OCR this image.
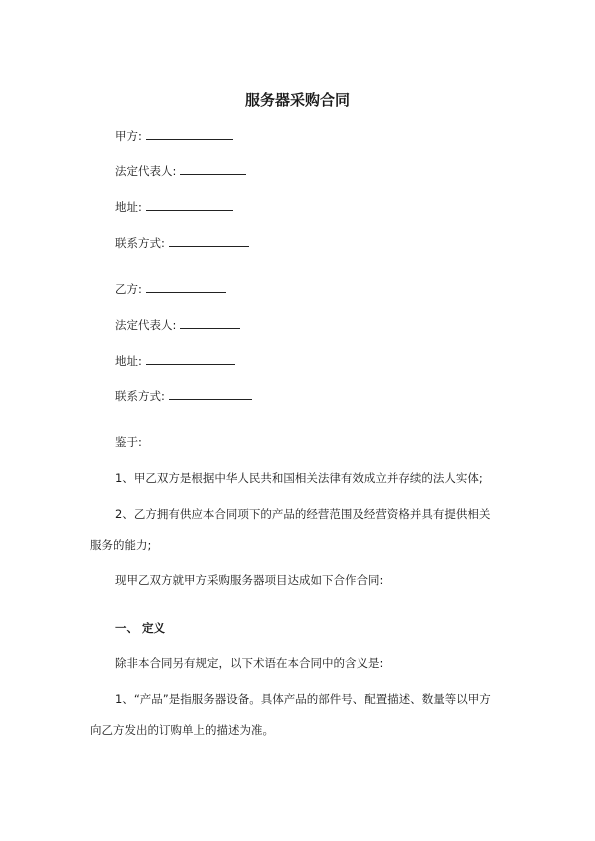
服务器采购合同
甲方:
法定代表人:
地址:
联系方式:
乙方:
法定代表人:
地址:
联系方式:
鉴于:
1、甲乙双方是根据中华人民共和国相关法律有效成立并存续的法人实体;
2、乙方拥有供应本合同项下的产品的经营范围及经营资格并具有提供相关
服务的能力;
现甲乙双方就甲方采购服务器项目达成如下合作合同:
一、 定义
除非本合同另有规定，以下术语在本合同中的含义是:
1、“产品”是指服务器设备。具体产品的部件号、配置描述、数量等以甲方
向乙方发出的订购单上的描述为准。
